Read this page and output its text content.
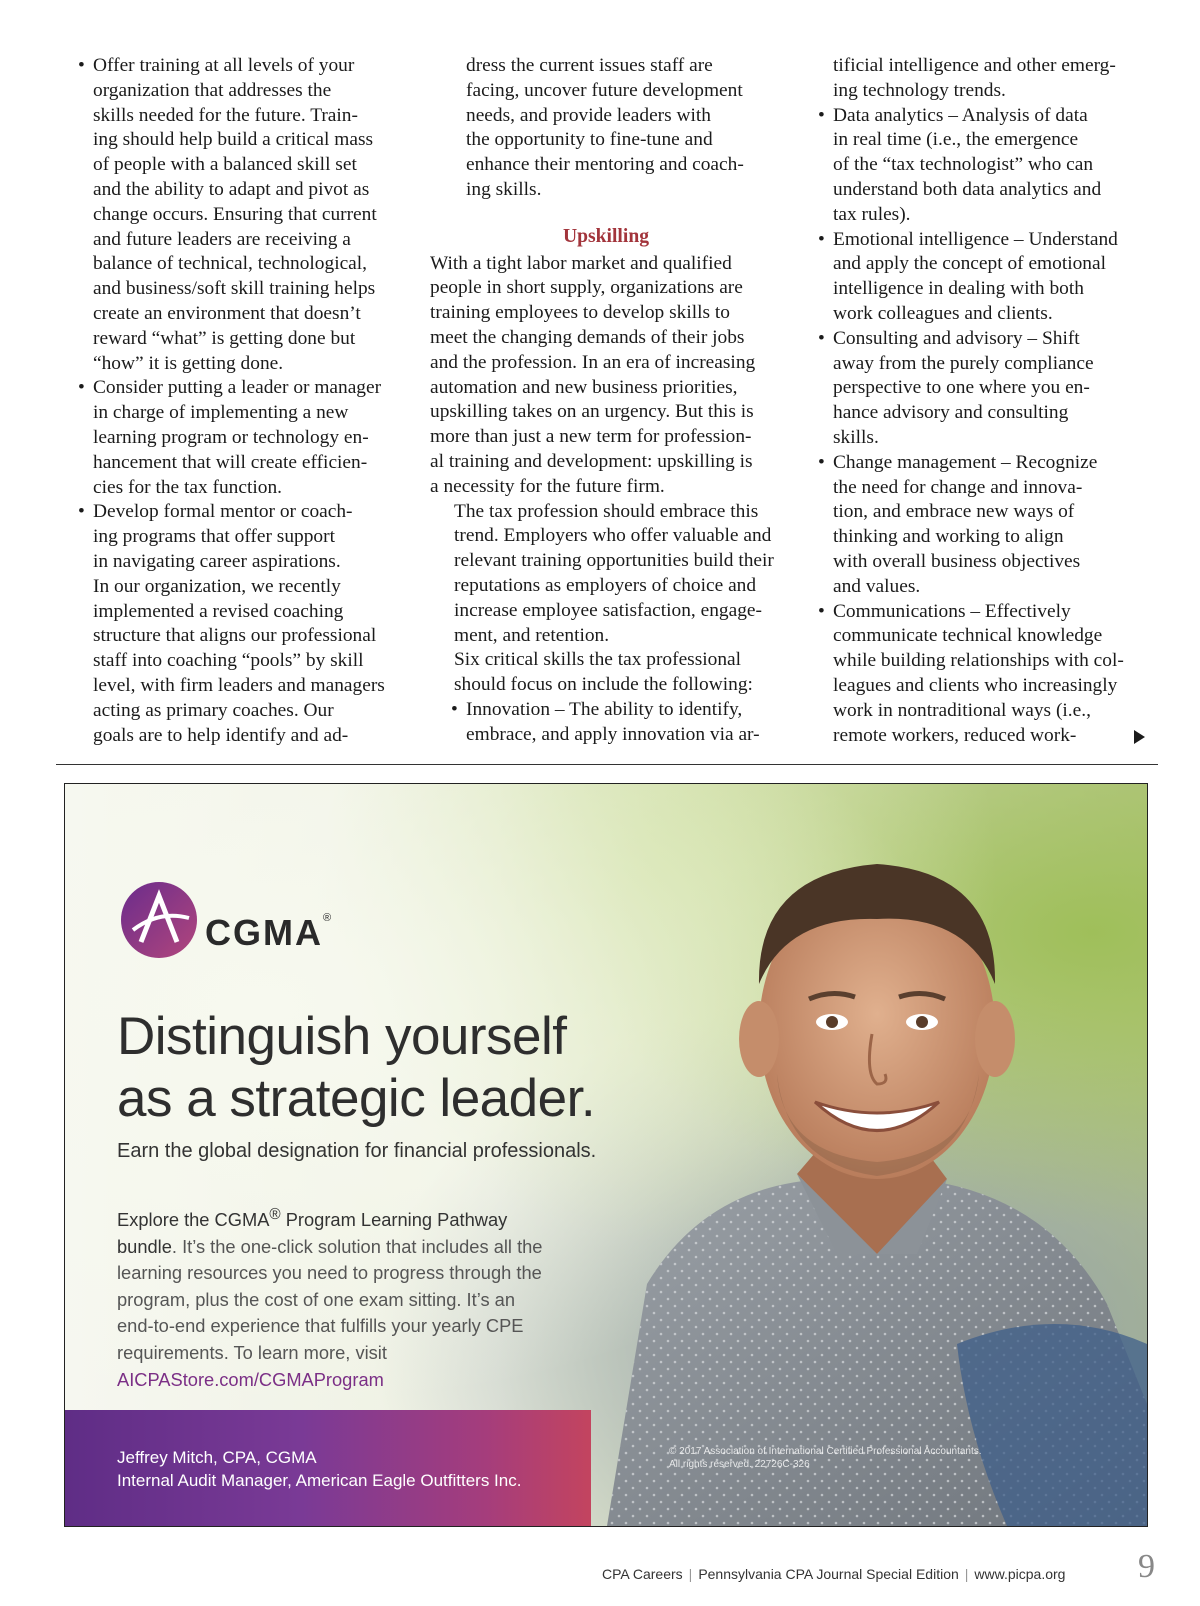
• Offer training at all levels of your
organization that addresses the
skills needed for the future. Train-
ing should help build a critical mass
of people with a balanced skill set
and the ability to adapt and pivot as
change occurs. Ensuring that current
and future leaders are receiving a
balance of technical, technological,
and business/soft skill training helps
create an environment that doesn’t
reward “what” is getting done but
“how” it is getting done.
• Consider putting a leader or manager
in charge of implementing a new
learning program or technology en-
hancement that will create efficien-
cies for the tax function.
• Develop formal mentor or coach-
ing programs that offer support
in navigating career aspirations.
In our organization, we recently
implemented a revised coaching
structure that aligns our professional
staff into coaching “pools” by skill
level, with firm leaders and managers
acting as primary coaches. Our
goals are to help identify and ad-
dress the current issues staff are
facing, uncover future development
needs, and provide leaders with
the opportunity to fine-tune and
enhance their mentoring and coach-
ing skills.

Upskilling

With a tight labor market and qualified
people in short supply, organizations are
training employees to develop skills to
meet the changing demands of their jobs
and the profession. In an era of increasing
automation and new business priorities,
upskilling takes on an urgency. But this is
more than just a new term for profession-
al training and development: upskilling is
a necessity for the future firm.
The tax profession should embrace this
trend. Employers who offer valuable and
relevant training opportunities build their
reputations as employers of choice and
increase employee satisfaction, engage-
ment, and retention.
Six critical skills the tax professional
should focus on include the following:
• Innovation – The ability to identify,
embrace, and apply innovation via ar-
tificial intelligence and other emerg-
ing technology trends.
• Data analytics – Analysis of data
in real time (i.e., the emergence
of the “tax technologist” who can
understand both data analytics and
tax rules).
• Emotional intelligence – Understand
and apply the concept of emotional
intelligence in dealing with both
work colleagues and clients.
• Consulting and advisory – Shift
away from the purely compliance
perspective to one where you en-
hance advisory and consulting
skills.
• Change management – Recognize
the need for change and innova-
tion, and embrace new ways of
thinking and working to align
with overall business objectives
and values.
• Communications – Effectively
communicate technical knowledge
while building relationships with col-
leagues and clients who increasingly
work in nontraditional ways (i.e.,
remote workers, reduced work-
CGMA®
Distinguish yourself
as a strategic leader.
Earn the global designation for financial professionals.
Explore the CGMA® Program Learning Pathway bundle. It’s the one-click solution that includes all the learning resources you need to progress through the program, plus the cost of one exam sitting. It’s an end-to-end experience that fulfills your yearly CPE requirements. To learn more, visit AICPAStore.com/CGMAProgram
Jeffrey Mitch, CPA, CGMA
Internal Audit Manager, American Eagle Outfitters Inc.
© 2017 Association of International Certified Professional Accountants.
All rights reserved. 22726C-326
CPA Careers | Pennsylvania CPA Journal Special Edition | www.picpa.org 9
